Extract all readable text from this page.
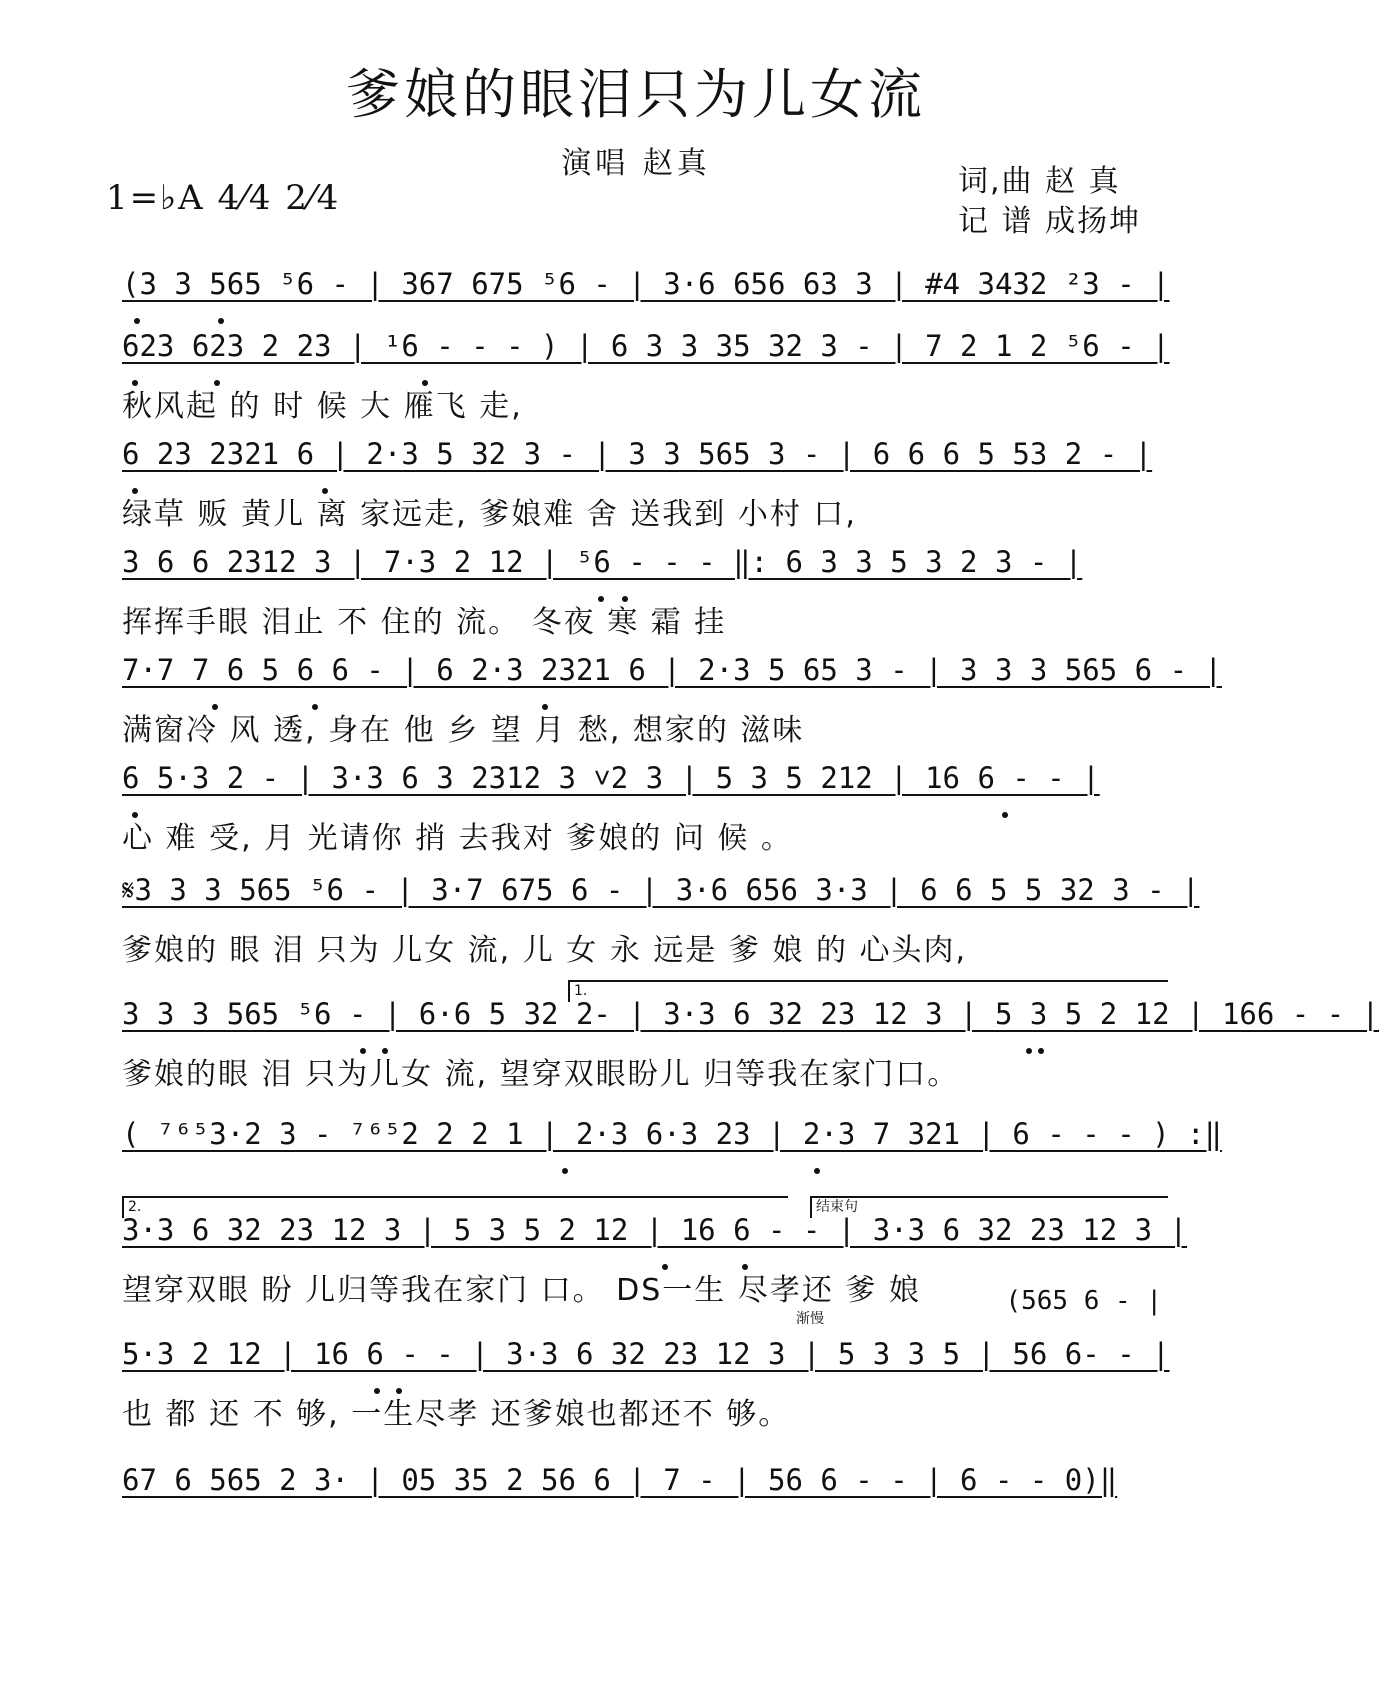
爹娘的眼泪只为儿女流
演唱 赵真
词,曲 赵 真
记 谱 成扬坤
1=♭A 4⁄4 2⁄4
(3 3 565 ⁵6 - | 367 675 ⁵6 - | 3·6 656 63 3 | #4 3432 ²3 - |
623 623 2 23 | ¹6 - - - ) | 6 3 3 35 32 3 - | 7 2 1 2 ⁵6 - |
秋风起 的 时 候 大 雁飞 走,
6 23 2321 6 | 2·3 5 32 3 - | 3 3 565 3 - | 6 6 6 5 53 2 - |
绿草 贩 黄儿 离 家远走, 爹娘难 舍 送我到 小村 口,
3 6 6 2312 3 | 7·3 2 12 | ⁵6 - - - ‖: 6 3 3 5 3 2 3 - |
挥挥手眼 泪止 不 住的 流。 冬夜 寒 霜 挂
7·7 7 6 5 6 6 - | 6 2·3 2321 6 | 2·3 5 65 3 - | 3 3 3 565 6 - |
满窗冷 风 透, 身在 他 乡 望 月 愁, 想家的 滋味
6 5·3 2 - | 3·3 6 3 2312 3 ˅2 3 | 5 3 5 212 | 16 6 - - |
心 难 受, 月 光请你 捎 去我对 爹娘的 问 候 。
𝄋3 3 3 565 ⁵6 - | 3·7 675 6 - | 3·6 656 3·3 | 6 6 5 5 32 3 - |
爹娘的 眼 泪 只为 儿女 流, 儿 女 永 远是 爹 娘 的 心头肉,
1.
3 3 3 565 ⁵6 - | 6·6 5 32 2- | 3·3 6 32 23 12 3 | 5 3 5 2 12 | 166 - - |
爹娘的眼 泪 只为儿女 流, 望穿双眼盼儿 归等我在家门口。
( ⁷⁶⁵3·2 3 - ⁷⁶⁵2 2 2 1 | 2·3 6·3 23 | 2·3 7 321 | 6 - - - ) :‖
2.	结束句
3·3 6 32 23 12 3 | 5 3 5 2 12 | 16 6 - - | 3·3 6 32 23 12 3 |
望穿双眼 盼 儿归等我在家门 口。 DS一生 尽孝还 爹 娘	(565 6 - |
渐慢
5·3 2 12 | 16 6 - - | 3·3 6 32 23 12 3 | 5 3 3 5 | 56 6- - |
也 都 还 不 够, 一生尽孝 还爹娘也都还不 够。
67 6 565 2 3· | 05 35 2 56 6 | 7 - | 56 6 - - | 6 - - 0)‖
